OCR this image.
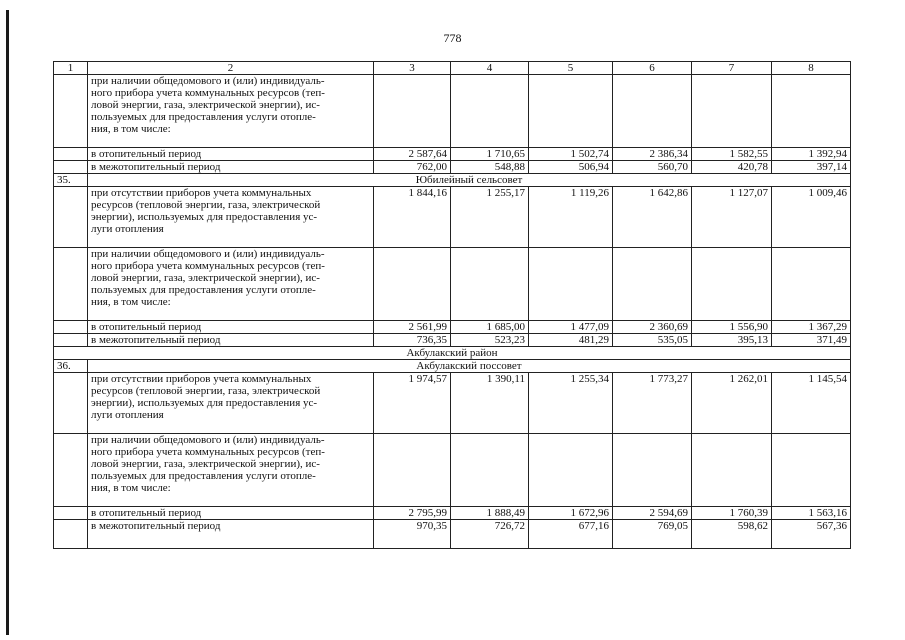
778
1	2	3	4	5	6	7	8
	при наличии общедомового и (или) индивидуаль-
ного прибора учета коммунальных ресурсов (теп-
ловой энергии, газа, электрической энергии), ис-
пользуемых для предоставления услуги отопле-
ния, в том числе:						
	в отопительный период	2 587,64	1 710,65	1 502,74	2 386,34	1 582,55	1 392,94
	в межотопительный период	762,00	548,88	506,94	560,70	420,78	397,14
35.	Юбилейный сельсовет						
	при отсутствии приборов учета коммунальных
ресурсов (тепловой энергии, газа, электрической
энергии), используемых для предоставления ус-
луги отопления	1 844,16	1 255,17	1 119,26	1 642,86	1 127,07	1 009,46
	при наличии общедомового и (или) индивидуаль-
ного прибора учета коммунальных ресурсов (теп-
ловой энергии, газа, электрической энергии), ис-
пользуемых для предоставления услуги отопле-
ния, в том числе:						
	в отопительный период	2 561,99	1 685,00	1 477,09	2 360,69	1 556,90	1 367,29
	в межотопительный период	736,35	523,23	481,29	535,05	395,13	371,49
Акбулакский район							
36.	Акбулакский поссовет						
	при отсутствии приборов учета коммунальных
ресурсов (тепловой энергии, газа, электрической
энергии), используемых для предоставления ус-
луги отопления	1 974,57	1 390,11	1 255,34	1 773,27	1 262,01	1 145,54
	при наличии общедомового и (или) индивидуаль-
ного прибора учета коммунальных ресурсов (теп-
ловой энергии, газа, электрической энергии), ис-
пользуемых для предоставления услуги отопле-
ния, в том числе:						
	в отопительный период	2 795,99	1 888,49	1 672,96	2 594,69	1 760,39	1 563,16
	в межотопительный период	970,35	726,72	677,16	769,05	598,62	567,36
